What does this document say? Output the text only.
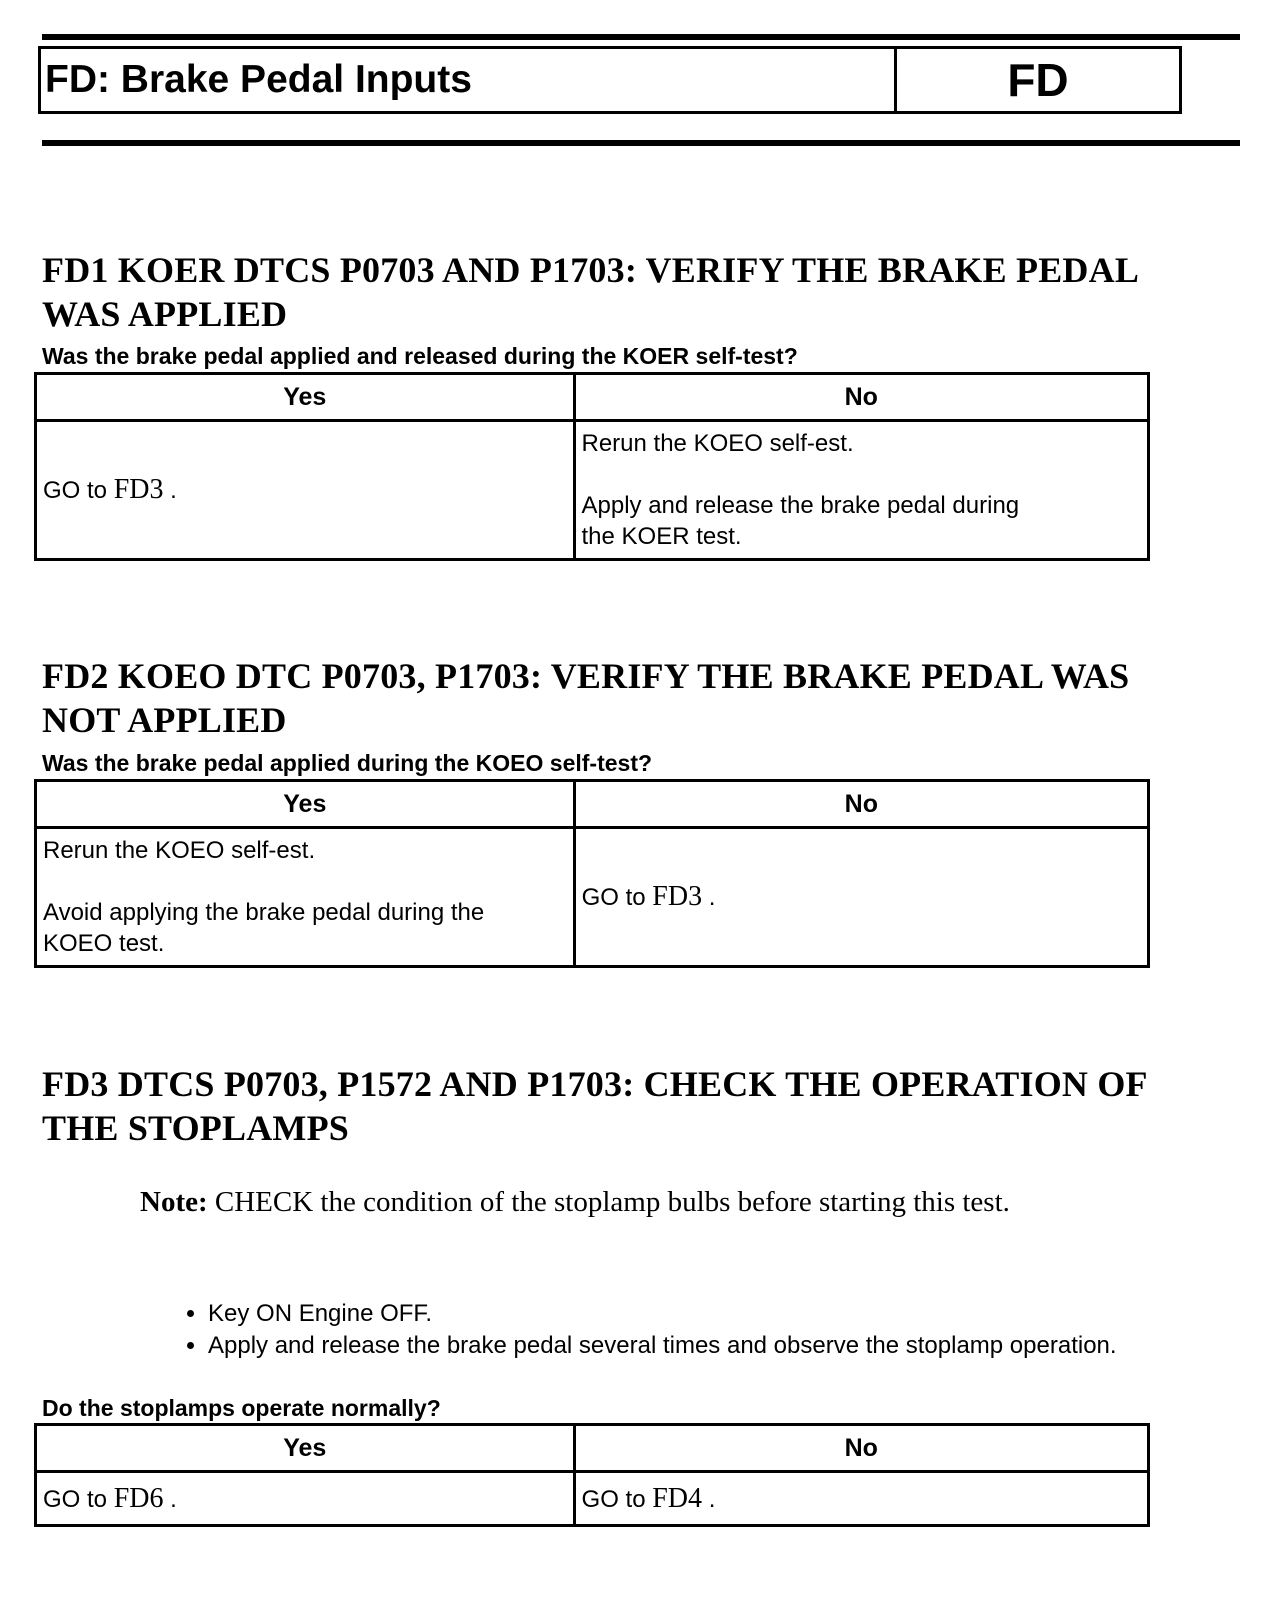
FD: Brake Pedal Inputs	FD
FD1 KOER DTCS P0703 AND P1703: VERIFY THE BRAKE PEDAL
WAS APPLIED
Was the brake pedal applied and released during the KOER self-test?
Yes	No
GO to FD3 .	Rerun the KOEO self-est.
Apply and release the brake pedal during
the KOER test.
FD2 KOEO DTC P0703, P1703: VERIFY THE BRAKE PEDAL WAS
NOT APPLIED
Was the brake pedal applied during the KOEO self-test?
Yes	No

Rerun the KOEO self-est.
Avoid applying the brake pedal during the
KOEO test.	GO to FD3 .
FD3 DTCS P0703, P1572 AND P1703: CHECK THE OPERATION OF
THE STOPLAMPS
Note: CHECK the condition of the stoplamp bulbs before starting this test.
• Key ON Engine OFF.
• Apply and release the brake pedal several times and observe the stoplamp operation.
Do the stoplamps operate normally?
Yes	No
GO to FD6 .	GO to FD4 .
